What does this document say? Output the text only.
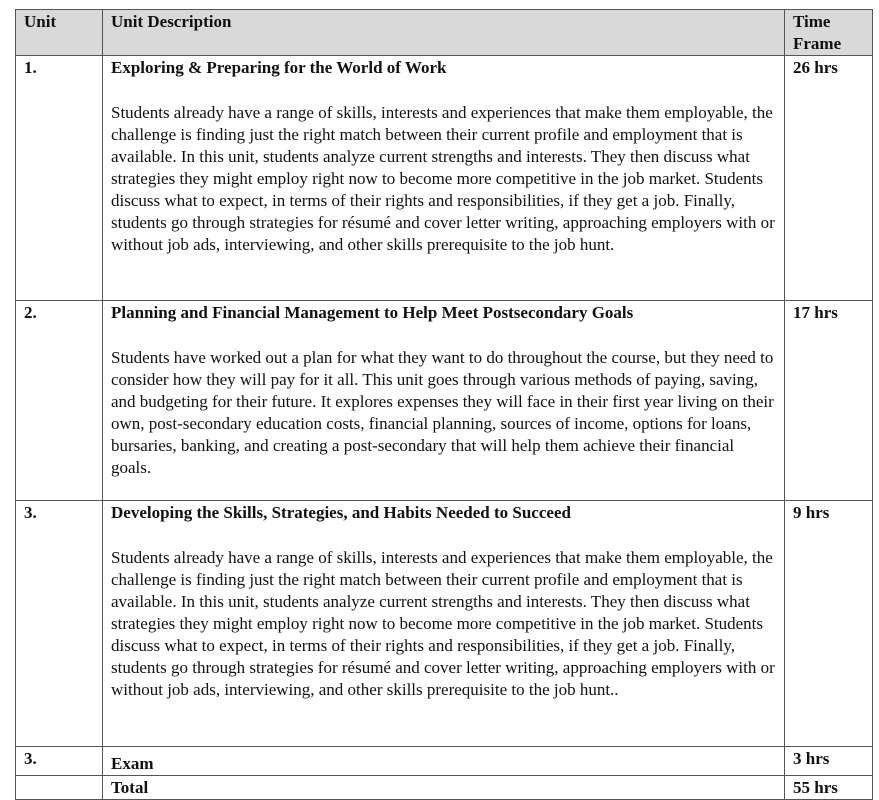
Unit	Unit Description	Time Frame

1.	Exploring & Preparing for the World of Work
Students already have a range of skills, interests and experiences that make them employable, the challenge is finding just the right match between their current profile and employment that is available. In this unit, students analyze current strengths and interests. They then discuss what strategies they might employ right now to become more competitive in the job market. Students discuss what to expect, in terms of their rights and responsibilities, if they get a job. Finally, students go through strategies for résumé and cover letter writing, approaching employers with or without job ads, interviewing, and other skills prerequisite to the job hunt.	26 hrs

2.	Planning and Financial Management to Help Meet Postsecondary Goals
Students have worked out a plan for what they want to do throughout the course, but they need to consider how they will pay for it all. This unit goes through various methods of paying, saving, and budgeting for their future. It explores expenses they will face in their first year living on their own, post-secondary education costs, financial planning, sources of income, options for loans, bursaries, banking, and creating a post-secondary that will help them achieve their financial goals.	17 hrs

3.	Developing the Skills, Strategies, and Habits Needed to Succeed
Students already have a range of skills, interests and experiences that make them employable, the challenge is finding just the right match between their current profile and employment that is available. In this unit, students analyze current strengths and interests. They then discuss what strategies they might employ right now to become more competitive in the job market. Students discuss what to expect, in terms of their rights and responsibilities, if they get a job. Finally, students go through strategies for résumé and cover letter writing, approaching employers with or without job ads, interviewing, and other skills prerequisite to the job hunt..	9 hrs

3.	Exam	3 hrs

	Total	55 hrs
